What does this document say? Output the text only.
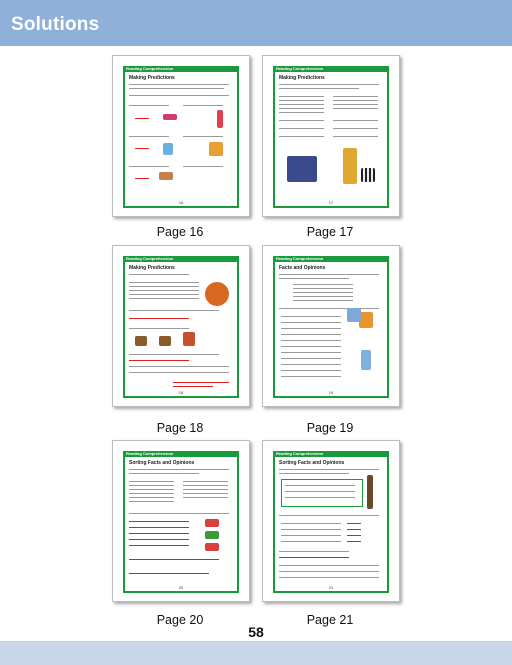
Solutions
Reading Comprehension
Making Predictions
16
Page 16
Reading Comprehension
Making Predictions
17
Page 17
Reading Comprehension
Making Predictions
18
Page 18
Reading Comprehension
Facts and Opinions
19
Page 19
Reading Comprehension
Sorting Facts and Opinions
20
Page 20
Reading Comprehension
Sorting Facts and Opinions
21
Page 21
58
